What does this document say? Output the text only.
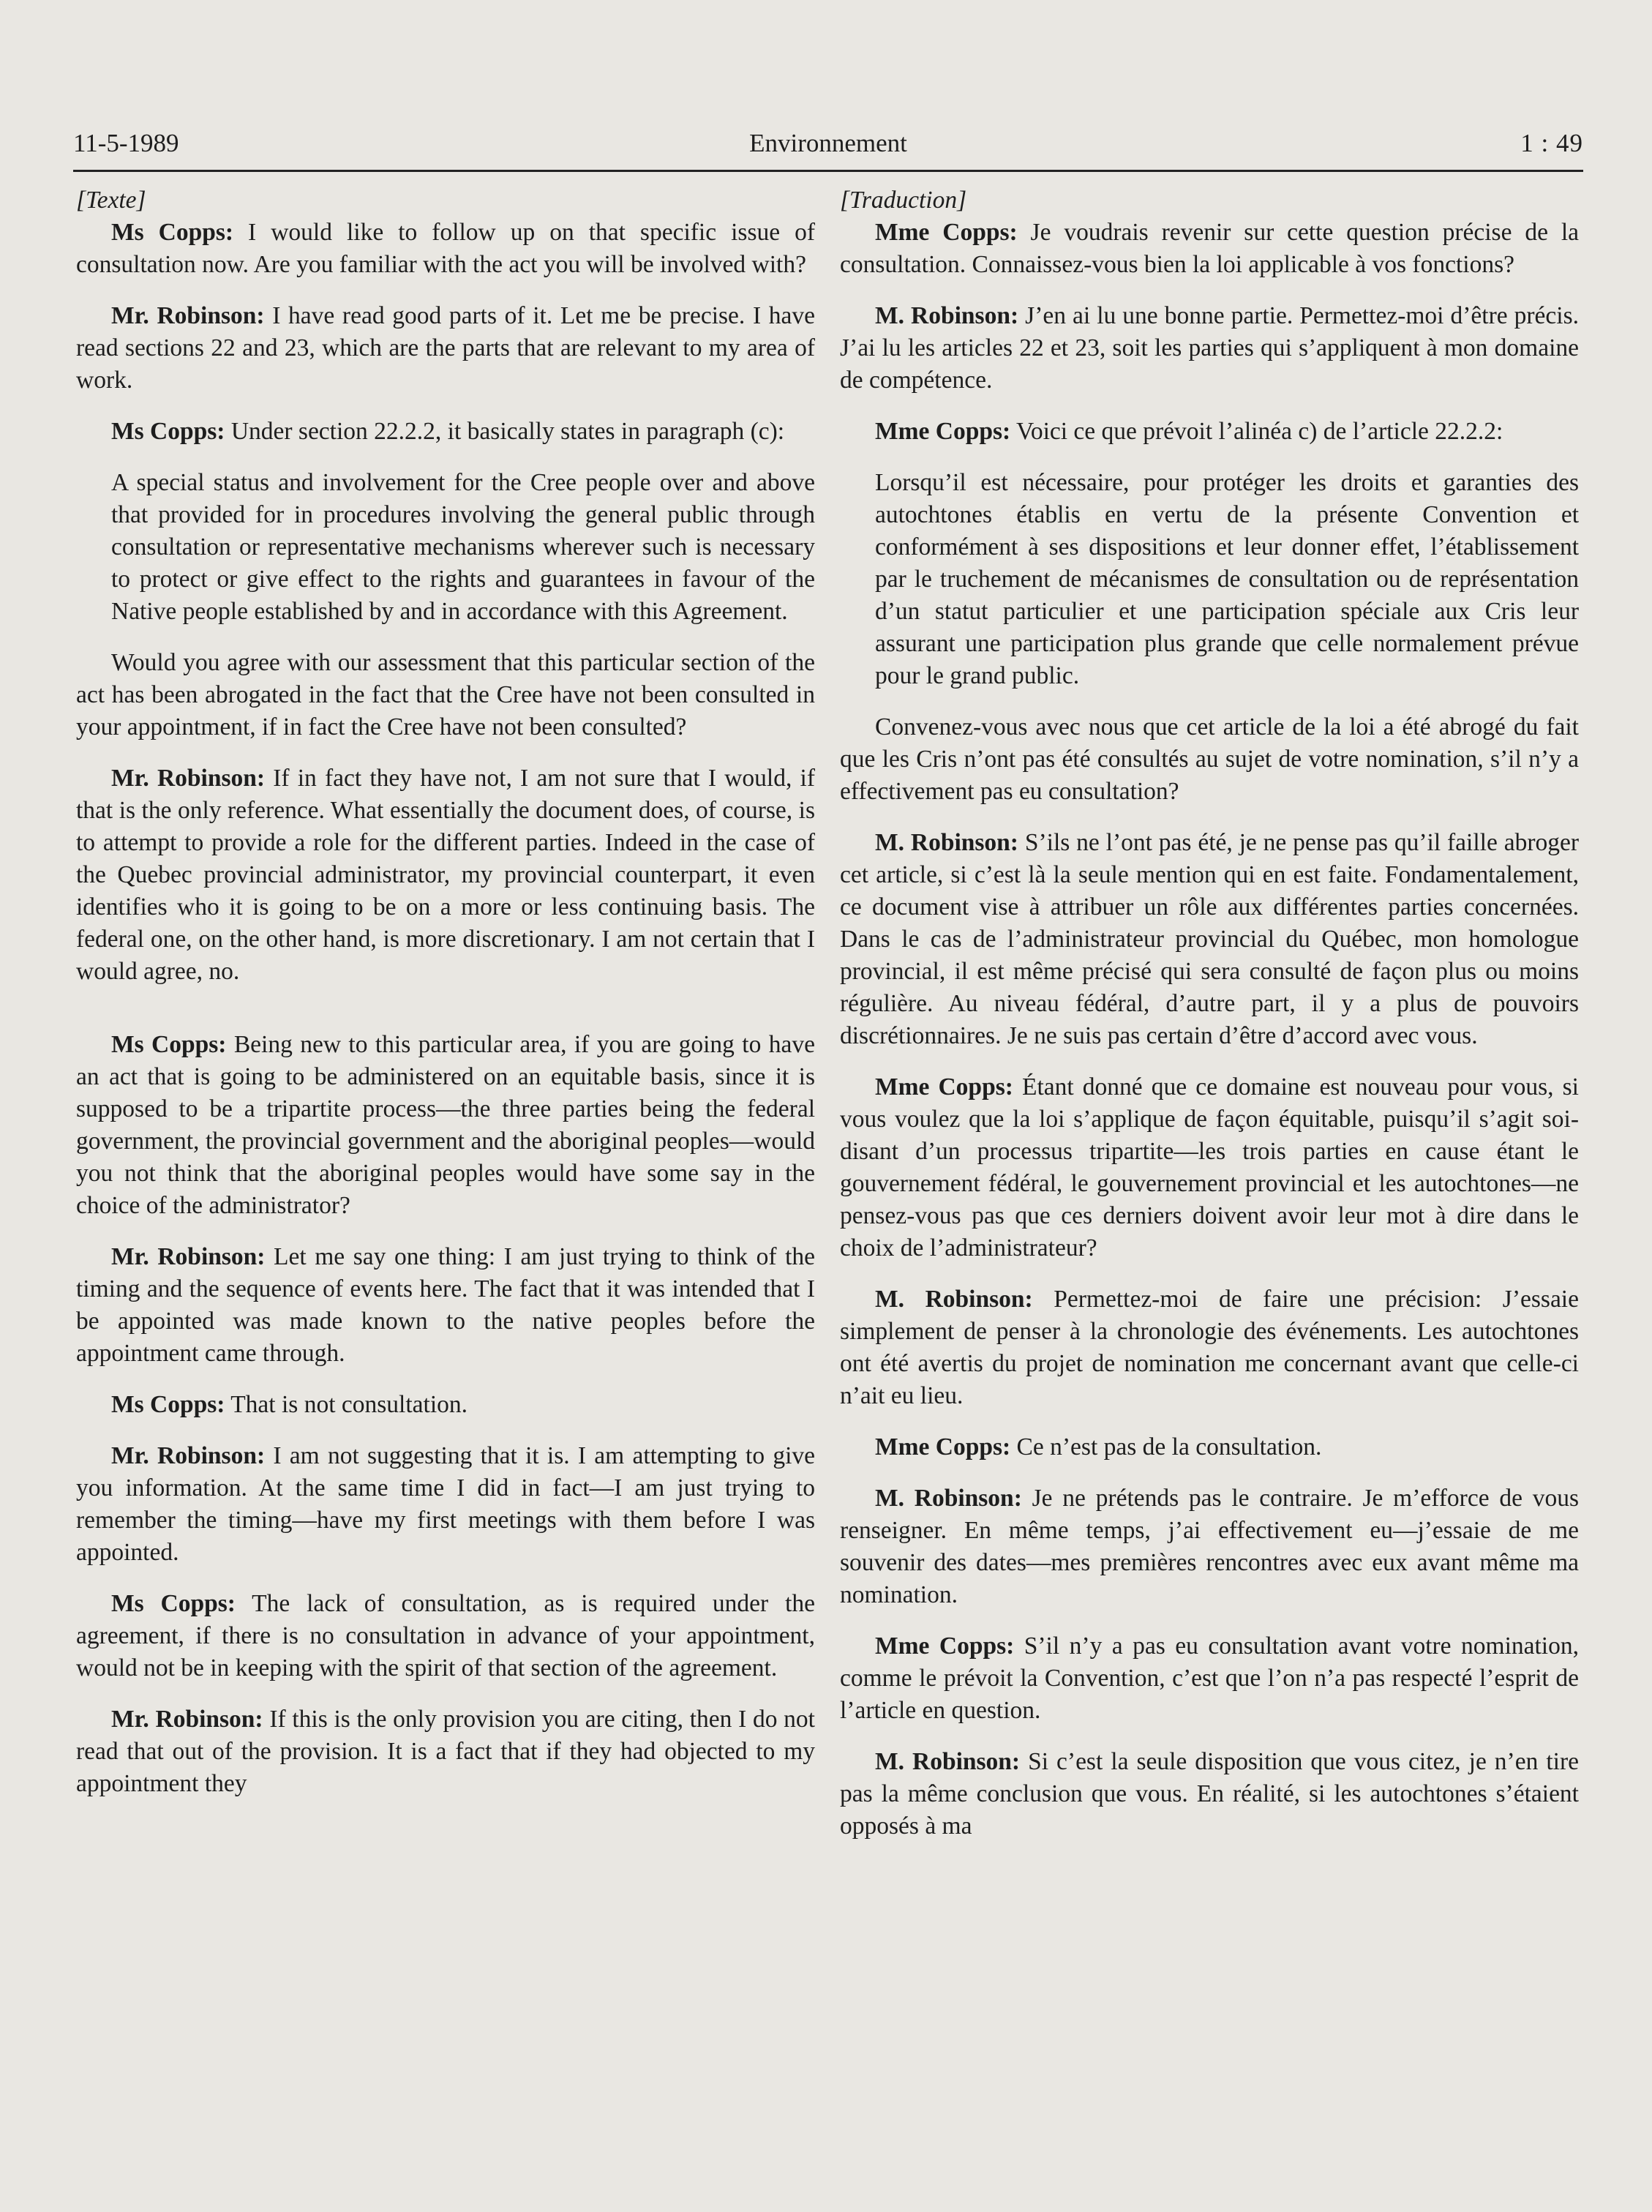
11-5-1989	Environnement	1 : 49

[Texte]

Ms Copps: I would like to follow up on that specific issue of consultation now. Are you familiar with the act you will be involved with?

Mr. Robinson: I have read good parts of it. Let me be precise. I have read sections 22 and 23, which are the parts that are relevant to my area of work.

Ms Copps: Under section 22.2.2, it basically states in paragraph (c):

A special status and involvement for the Cree people over and above that provided for in procedures involving the general public through consultation or representative mechanisms wherever such is necessary to protect or give effect to the rights and guarantees in favour of the Native people established by and in accordance with this Agreement.

Would you agree with our assessment that this particular section of the act has been abrogated in the fact that the Cree have not been consulted in your appointment, if in fact the Cree have not been consulted?

Mr. Robinson: If in fact they have not, I am not sure that I would, if that is the only reference. What essentially the document does, of course, is to attempt to provide a role for the different parties. Indeed in the case of the Quebec provincial administrator, my provincial counterpart, it even identifies who it is going to be on a more or less continuing basis. The federal one, on the other hand, is more discretionary. I am not certain that I would agree, no.

Ms Copps: Being new to this particular area, if you are going to have an act that is going to be administered on an equitable basis, since it is supposed to be a tripartite process—the three parties being the federal government, the provincial government and the aboriginal peoples—would you not think that the aboriginal peoples would have some say in the choice of the administrator?

Mr. Robinson: Let me say one thing: I am just trying to think of the timing and the sequence of events here. The fact that it was intended that I be appointed was made known to the native peoples before the appointment came through.

Ms Copps: That is not consultation.

Mr. Robinson: I am not suggesting that it is. I am attempting to give you information. At the same time I did in fact—I am just trying to remember the timing—have my first meetings with them before I was appointed.

Ms Copps: The lack of consultation, as is required under the agreement, if there is no consultation in advance of your appointment, would not be in keeping with the spirit of that section of the agreement.

Mr. Robinson: If this is the only provision you are citing, then I do not read that out of the provision. It is a fact that if they had objected to my appointment they

[Traduction]

Mme Copps: Je voudrais revenir sur cette question précise de la consultation. Connaissez-vous bien la loi applicable à vos fonctions?

M. Robinson: J’en ai lu une bonne partie. Permettez-moi d’être précis. J’ai lu les articles 22 et 23, soit les parties qui s’appliquent à mon domaine de compétence.

Mme Copps: Voici ce que prévoit l’alinéa c) de l’article 22.2.2:

Lorsqu’il est nécessaire, pour protéger les droits et garanties des autochtones établis en vertu de la présente Convention et conformément à ses dispositions et leur donner effet, l’établissement par le truchement de mécanismes de consultation ou de représentation d’un statut particulier et une participation spéciale aux Cris leur assurant une participation plus grande que celle normalement prévue pour le grand public.

Convenez-vous avec nous que cet article de la loi a été abrogé du fait que les Cris n’ont pas été consultés au sujet de votre nomination, s’il n’y a effectivement pas eu consultation?

M. Robinson: S’ils ne l’ont pas été, je ne pense pas qu’il faille abroger cet article, si c’est là la seule mention qui en est faite. Fondamentalement, ce document vise à attribuer un rôle aux différentes parties concernées. Dans le cas de l’administrateur provincial du Québec, mon homologue provincial, il est même précisé qui sera consulté de façon plus ou moins régulière. Au niveau fédéral, d’autre part, il y a plus de pouvoirs discrétionnaires. Je ne suis pas certain d’être d’accord avec vous.

Mme Copps: Étant donné que ce domaine est nouveau pour vous, si vous voulez que la loi s’applique de façon équitable, puisqu’il s’agit soi-disant d’un processus tripartite—les trois parties en cause étant le gouvernement fédéral, le gouvernement provincial et les autochtones—ne pensez-vous pas que ces derniers doivent avoir leur mot à dire dans le choix de l’administrateur?

M. Robinson: Permettez-moi de faire une précision: J’essaie simplement de penser à la chronologie des événements. Les autochtones ont été avertis du projet de nomination me concernant avant que celle-ci n’ait eu lieu.

Mme Copps: Ce n’est pas de la consultation.

M. Robinson: Je ne prétends pas le contraire. Je m’efforce de vous renseigner. En même temps, j’ai effectivement eu—j’essaie de me souvenir des dates—mes premières rencontres avec eux avant même ma nomination.

Mme Copps: S’il n’y a pas eu consultation avant votre nomination, comme le prévoit la Convention, c’est que l’on n’a pas respecté l’esprit de l’article en question.

M. Robinson: Si c’est la seule disposition que vous citez, je n’en tire pas la même conclusion que vous. En réalité, si les autochtones s’étaient opposés à ma
